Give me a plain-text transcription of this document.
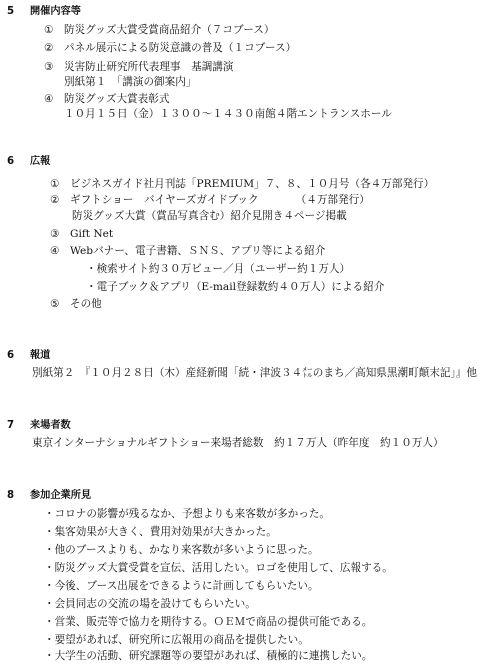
5 開催内容等
① 防災グッズ大賞受賞商品紹介（７コブース）
② パネル展示による防災意識の普及（１コブース）
③ 災害防止研究所代表理事　基調講演
別紙第１　「講演の御案内」
④ 防災グッズ大賞表彰式
１０月１５日（金）１３００～１４３０南館４階エントランスホール
6 広報
① ビジネスガイド社月刊誌「PREMIUM」７、８、１０月号（各４万部発行）
② ギフトショー　バイヤーズガイドブック　　　　（４万部発行）
防災グッズ大賞（賞品写真含む）紹介見開き４ページ掲載
③ Gift Net
④ Webバナー、電子書籍、ＳＮＳ、アプリ等による紹介
・検索サイト約３０万ビュー／月（ユーザー約１万人）
・電子ブック＆アプリ（E-mail登録数約４０万人）による紹介
⑤ その他
6 報道
別紙第２　『１０月２８日（木）産経新聞「続・津波３４㍍のまち／高知県黒潮町顛末記」』他
7 来場者数
東京インターナショナルギフトショー来場者総数　約１７万人（昨年度　約１０万人）
8 参加企業所見
・コロナの影響が残るなか、予想よりも来客数が多かった。
・集客効果が大きく、費用対効果が大きかった。
・他のブースよりも、かなり来客数が多いように思った。
・防災グッズ大賞受賞を宣伝、活用したい。ロゴを使用して、広報する。
・今後、ブース出展をできるように計画してもらいたい。
・会員同志の交流の場を設けてもらいたい。
・営業、販売等で協力を期待する。ＯＥＭで商品の提供可能である。
・要望があれば、研究所に広報用の商品を提供したい。
・大学生の活動、研究課題等の要望があれば、積極的に連携したい。
